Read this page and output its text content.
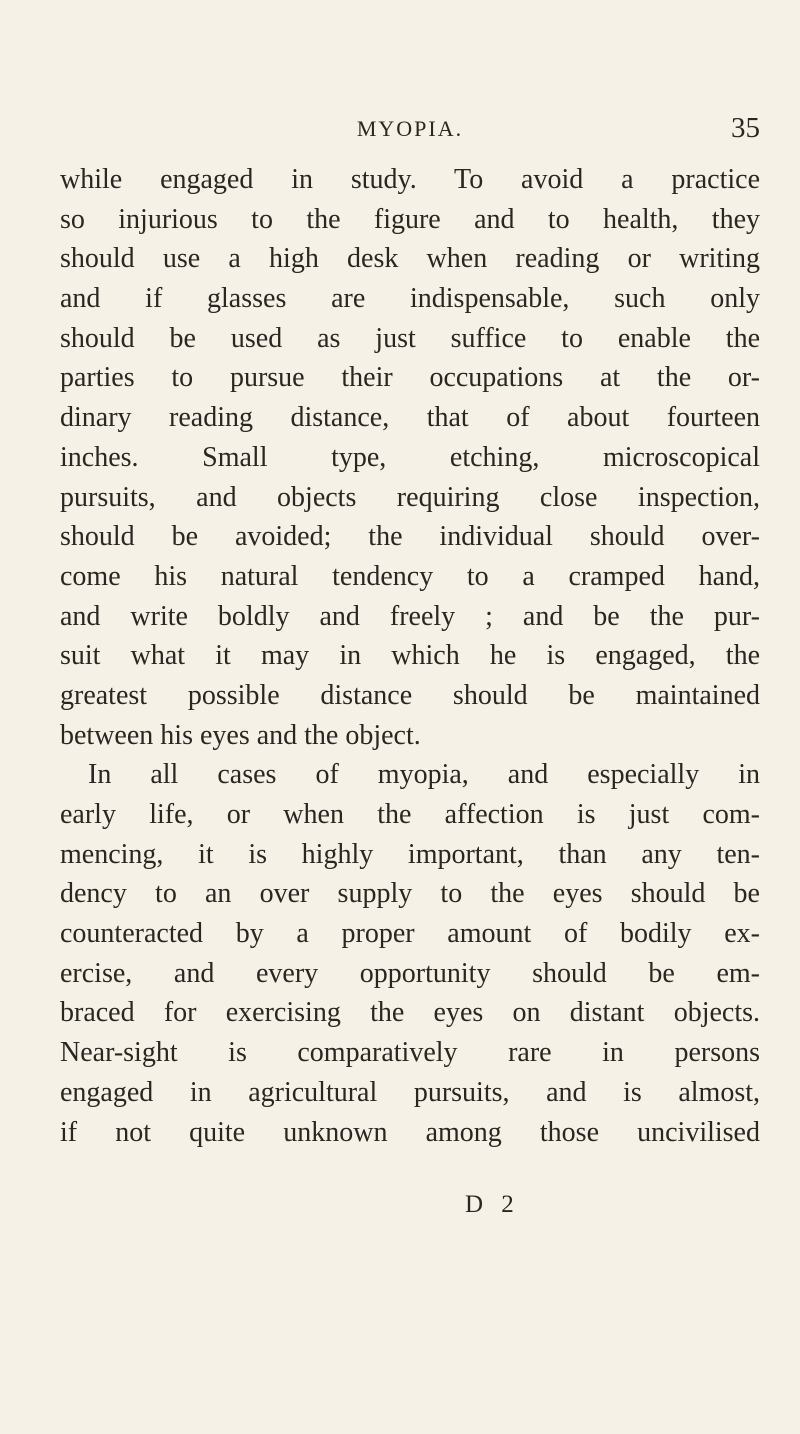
MYOPIA.	35
while engaged in study. To avoid a practice
so injurious to the figure and to health, they
should use a high desk when reading or writing
and if glasses are indispensable, such only
should be used as just suffice to enable the
parties to pursue their occupations at the or-
dinary reading distance, that of about fourteen
inches. Small type, etching, microscopical
pursuits, and objects requiring close inspection,
should be avoided; the individual should over-
come his natural tendency to a cramped hand,
and write boldly and freely ; and be the pur-
suit what it may in which he is engaged, the
greatest possible distance should be maintained
between his eyes and the object.
In all cases of myopia, and especially in
early life, or when the affection is just com-
mencing, it is highly important, than any ten-
dency to an over supply to the eyes should be
counteracted by a proper amount of bodily ex-
ercise, and every opportunity should be em-
braced for exercising the eyes on distant objects.
Near-sight is comparatively rare in persons
engaged in agricultural pursuits, and is almost,
if not quite unknown among those uncivilised
D 2
